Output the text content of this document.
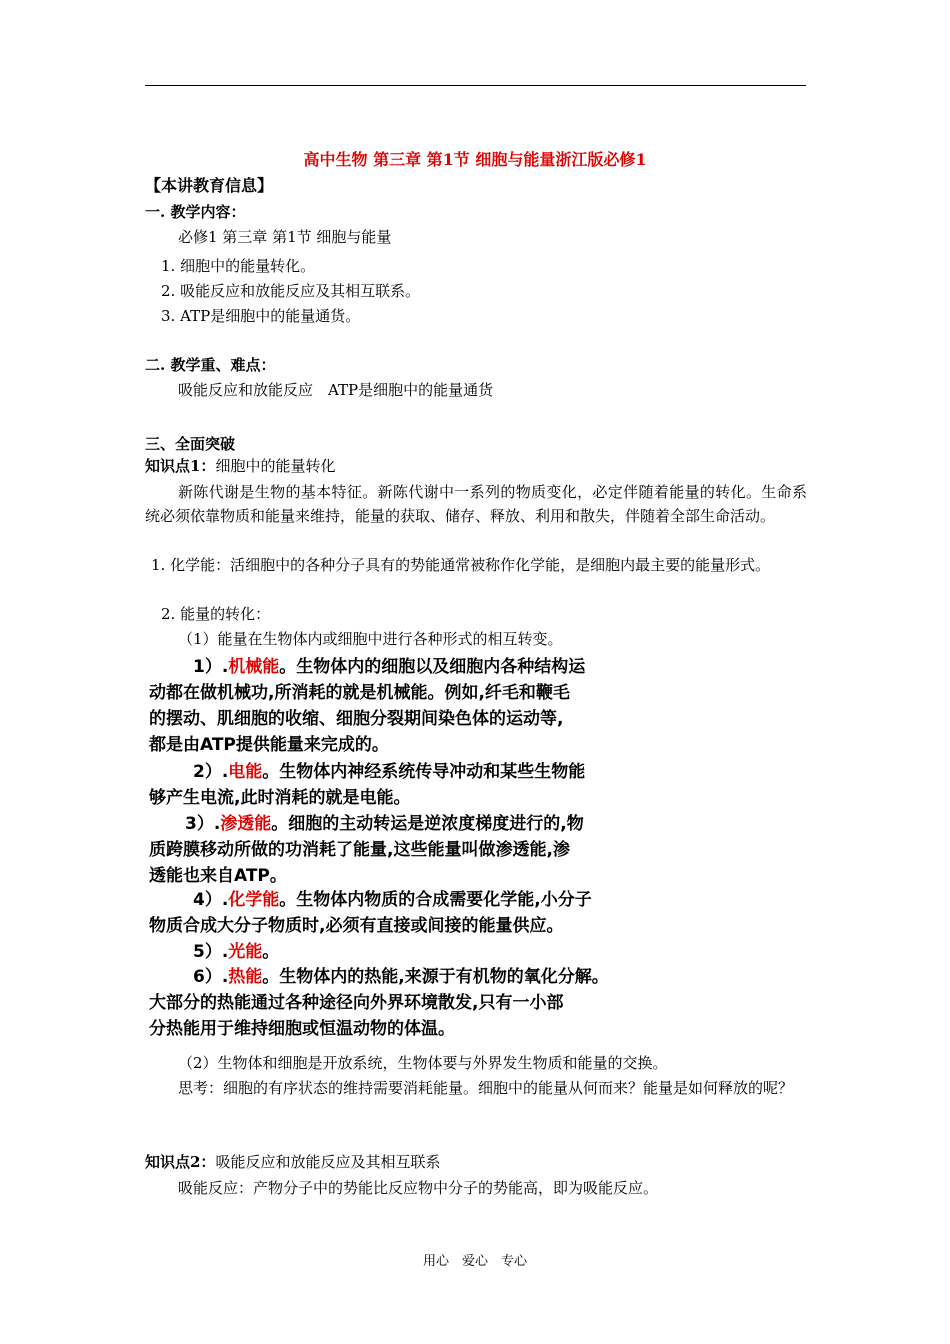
高中生物 第三章 第1节 细胞与能量浙江版必修1
【本讲教育信息】
一. 教学内容：
必修1 第三章 第1节 细胞与能量
1. 细胞中的能量转化。
2. 吸能反应和放能反应及其相互联系。
3. ATP是细胞中的能量通货。
二. 教学重、难点：
吸能反应和放能反应　ATP是细胞中的能量通货
三、全面突破
知识点1：细胞中的能量转化
新陈代谢是生物的基本特征。新陈代谢中一系列的物质变化，必定伴随着能量的转化。生命系统必须依靠物质和能量来维持，能量的获取、储存、释放、利用和散失，伴随着全部生命活动。
1. 化学能：活细胞中的各种分子具有的势能通常被称作化学能，是细胞内最主要的能量形式。
2. 能量的转化：
（1）能量在生物体内或细胞中进行各种形式的相互转变。
1）.机械能。生物体内的细胞以及细胞内各种结构运
动都在做机械功,所消耗的就是机械能。例如,纤毛和鞭毛
的摆动、肌细胞的收缩、细胞分裂期间染色体的运动等,
都是由ATP提供能量来完成的。
2）.电能。生物体内神经系统传导冲动和某些生物能
够产生电流,此时消耗的就是电能。
3）.渗透能。细胞的主动转运是逆浓度梯度进行的,物
质跨膜移动所做的功消耗了能量,这些能量叫做渗透能,渗
透能也来自ATP。
4）.化学能。生物体内物质的合成需要化学能,小分子
物质合成大分子物质时,必须有直接或间接的能量供应。
5）.光能。
6）.热能。生物体内的热能,来源于有机物的氧化分解。
大部分的热能通过各种途径向外界环境散发,只有一小部
分热能用于维持细胞或恒温动物的体温。
（2）生物体和细胞是开放系统，生物体要与外界发生物质和能量的交换。
思考：细胞的有序状态的维持需要消耗能量。细胞中的能量从何而来？能量是如何释放的呢？
知识点2：吸能反应和放能反应及其相互联系
吸能反应：产物分子中的势能比反应物中分子的势能高，即为吸能反应。
用心　爱心　专心
